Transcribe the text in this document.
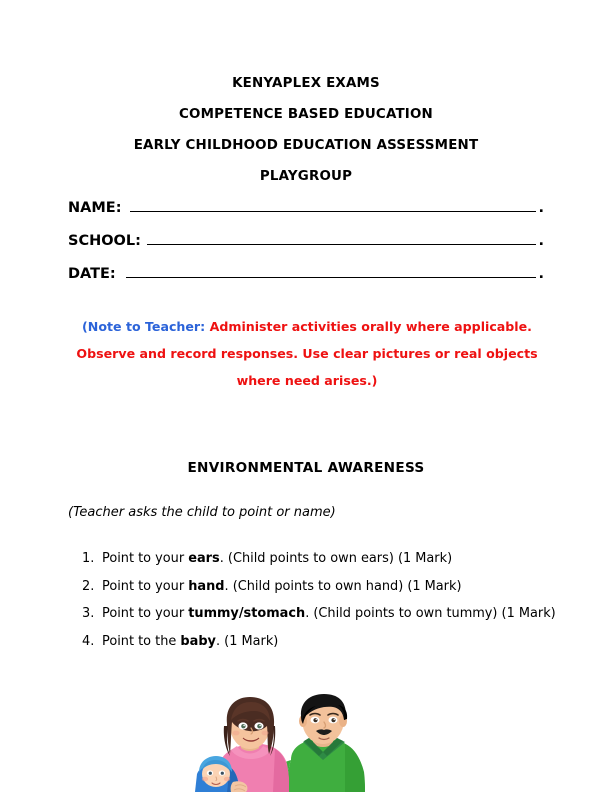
KENYAPLEX EXAMS
COMPETENCE BASED EDUCATION
EARLY CHILDHOOD EDUCATION ASSESSMENT
PLAYGROUP
NAME:	.
SCHOOL:	.
DATE:	.
(Note to Teacher: Administer activities orally where applicable. Observe and record responses. Use clear pictures or real objects where need arises.)
ENVIRONMENTAL AWARENESS
(Teacher asks the child to point or name)
1. Point to your ears. (Child points to own ears) (1 Mark)
2. Point to your hand. (Child points to own hand) (1 Mark)
3. Point to your tummy/stomach. (Child points to own tummy) (1 Mark)
4. Point to the baby. (1 Mark)
